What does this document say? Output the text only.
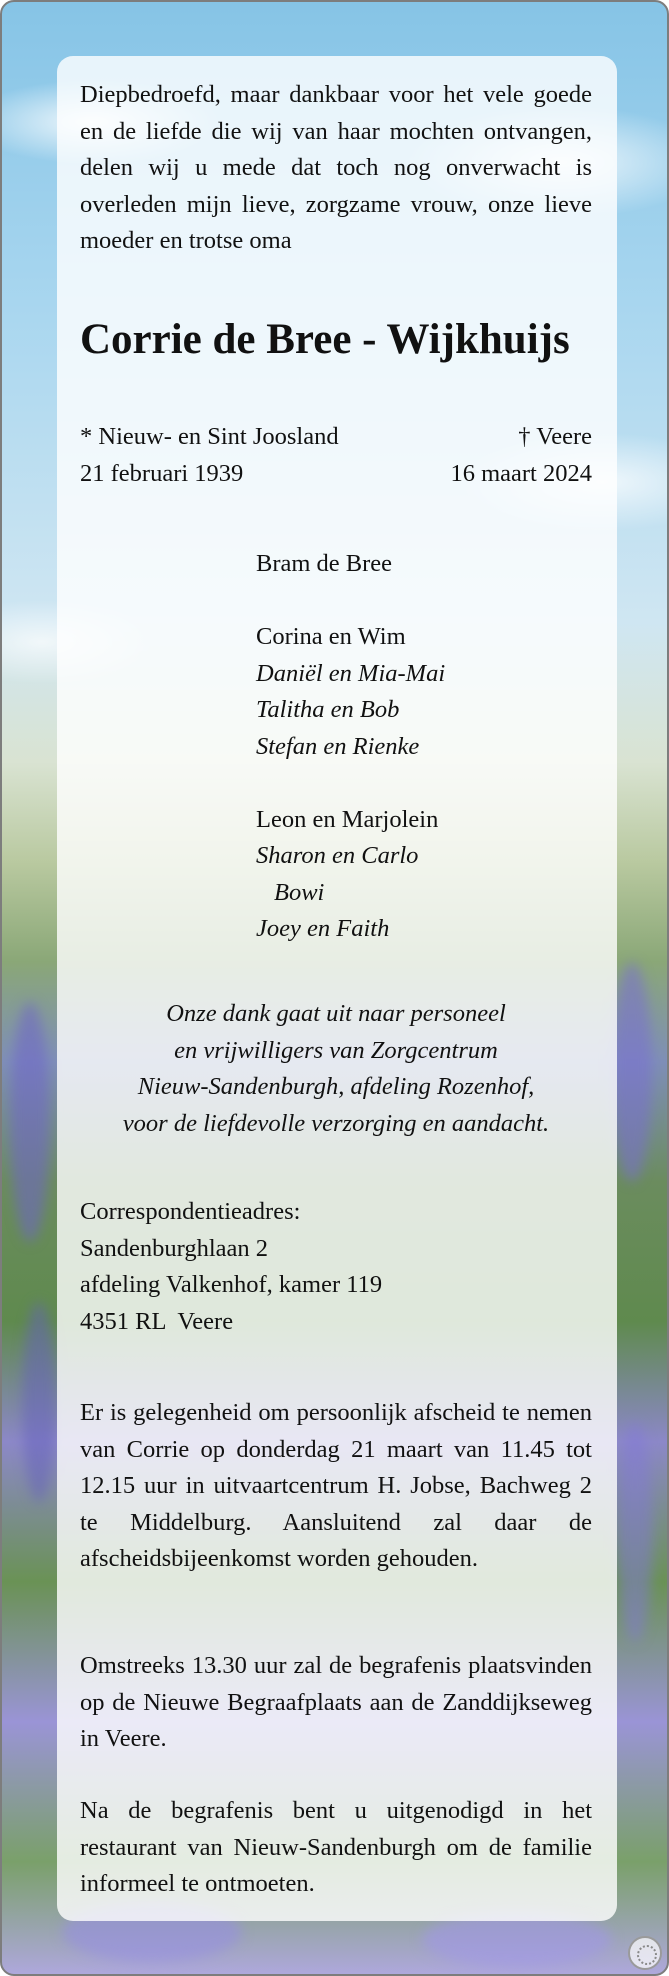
Diepbedroefd, maar dankbaar voor het vele goede en de liefde die wij van haar mochten ontvangen, delen wij u mede dat toch nog onverwacht is overleden mijn lieve, zorgzame vrouw, onze lieve moeder en trotse oma
Corrie de Bree - Wijkhuijs
* Nieuw- en Sint Joosland	† Veere
21 februari 1939	16 maart 2024
Bram de Bree
Corina en Wim
Daniël en Mia-Mai
Talitha en Bob
Stefan en Rienke
Leon en Marjolein
Sharon en Carlo
Bowi
Joey en Faith
Onze dank gaat uit naar personeel
en vrijwilligers van Zorgcentrum
Nieuw-Sandenburgh, afdeling Rozenhof,
voor de liefdevolle verzorging en aandacht.
Correspondentieadres:
Sandenburghlaan 2
afdeling Valkenhof, kamer 119
4351 RL  Veere
Er is gelegenheid om persoonlijk afscheid te nemen van Corrie op donderdag 21 maart van 11.45 tot 12.15 uur in uitvaartcentrum H. Jobse, Bachweg 2 te Middelburg. Aansluitend zal daar de afscheidsbijeenkomst worden gehouden.
Omstreeks 13.30 uur zal de begrafenis plaatsvinden op de Nieuwe Begraafplaats aan de Zanddijkseweg in Veere.
Na de begrafenis bent u uitgenodigd in het restaurant van Nieuw-Sandenburgh om de familie informeel te ontmoeten.
